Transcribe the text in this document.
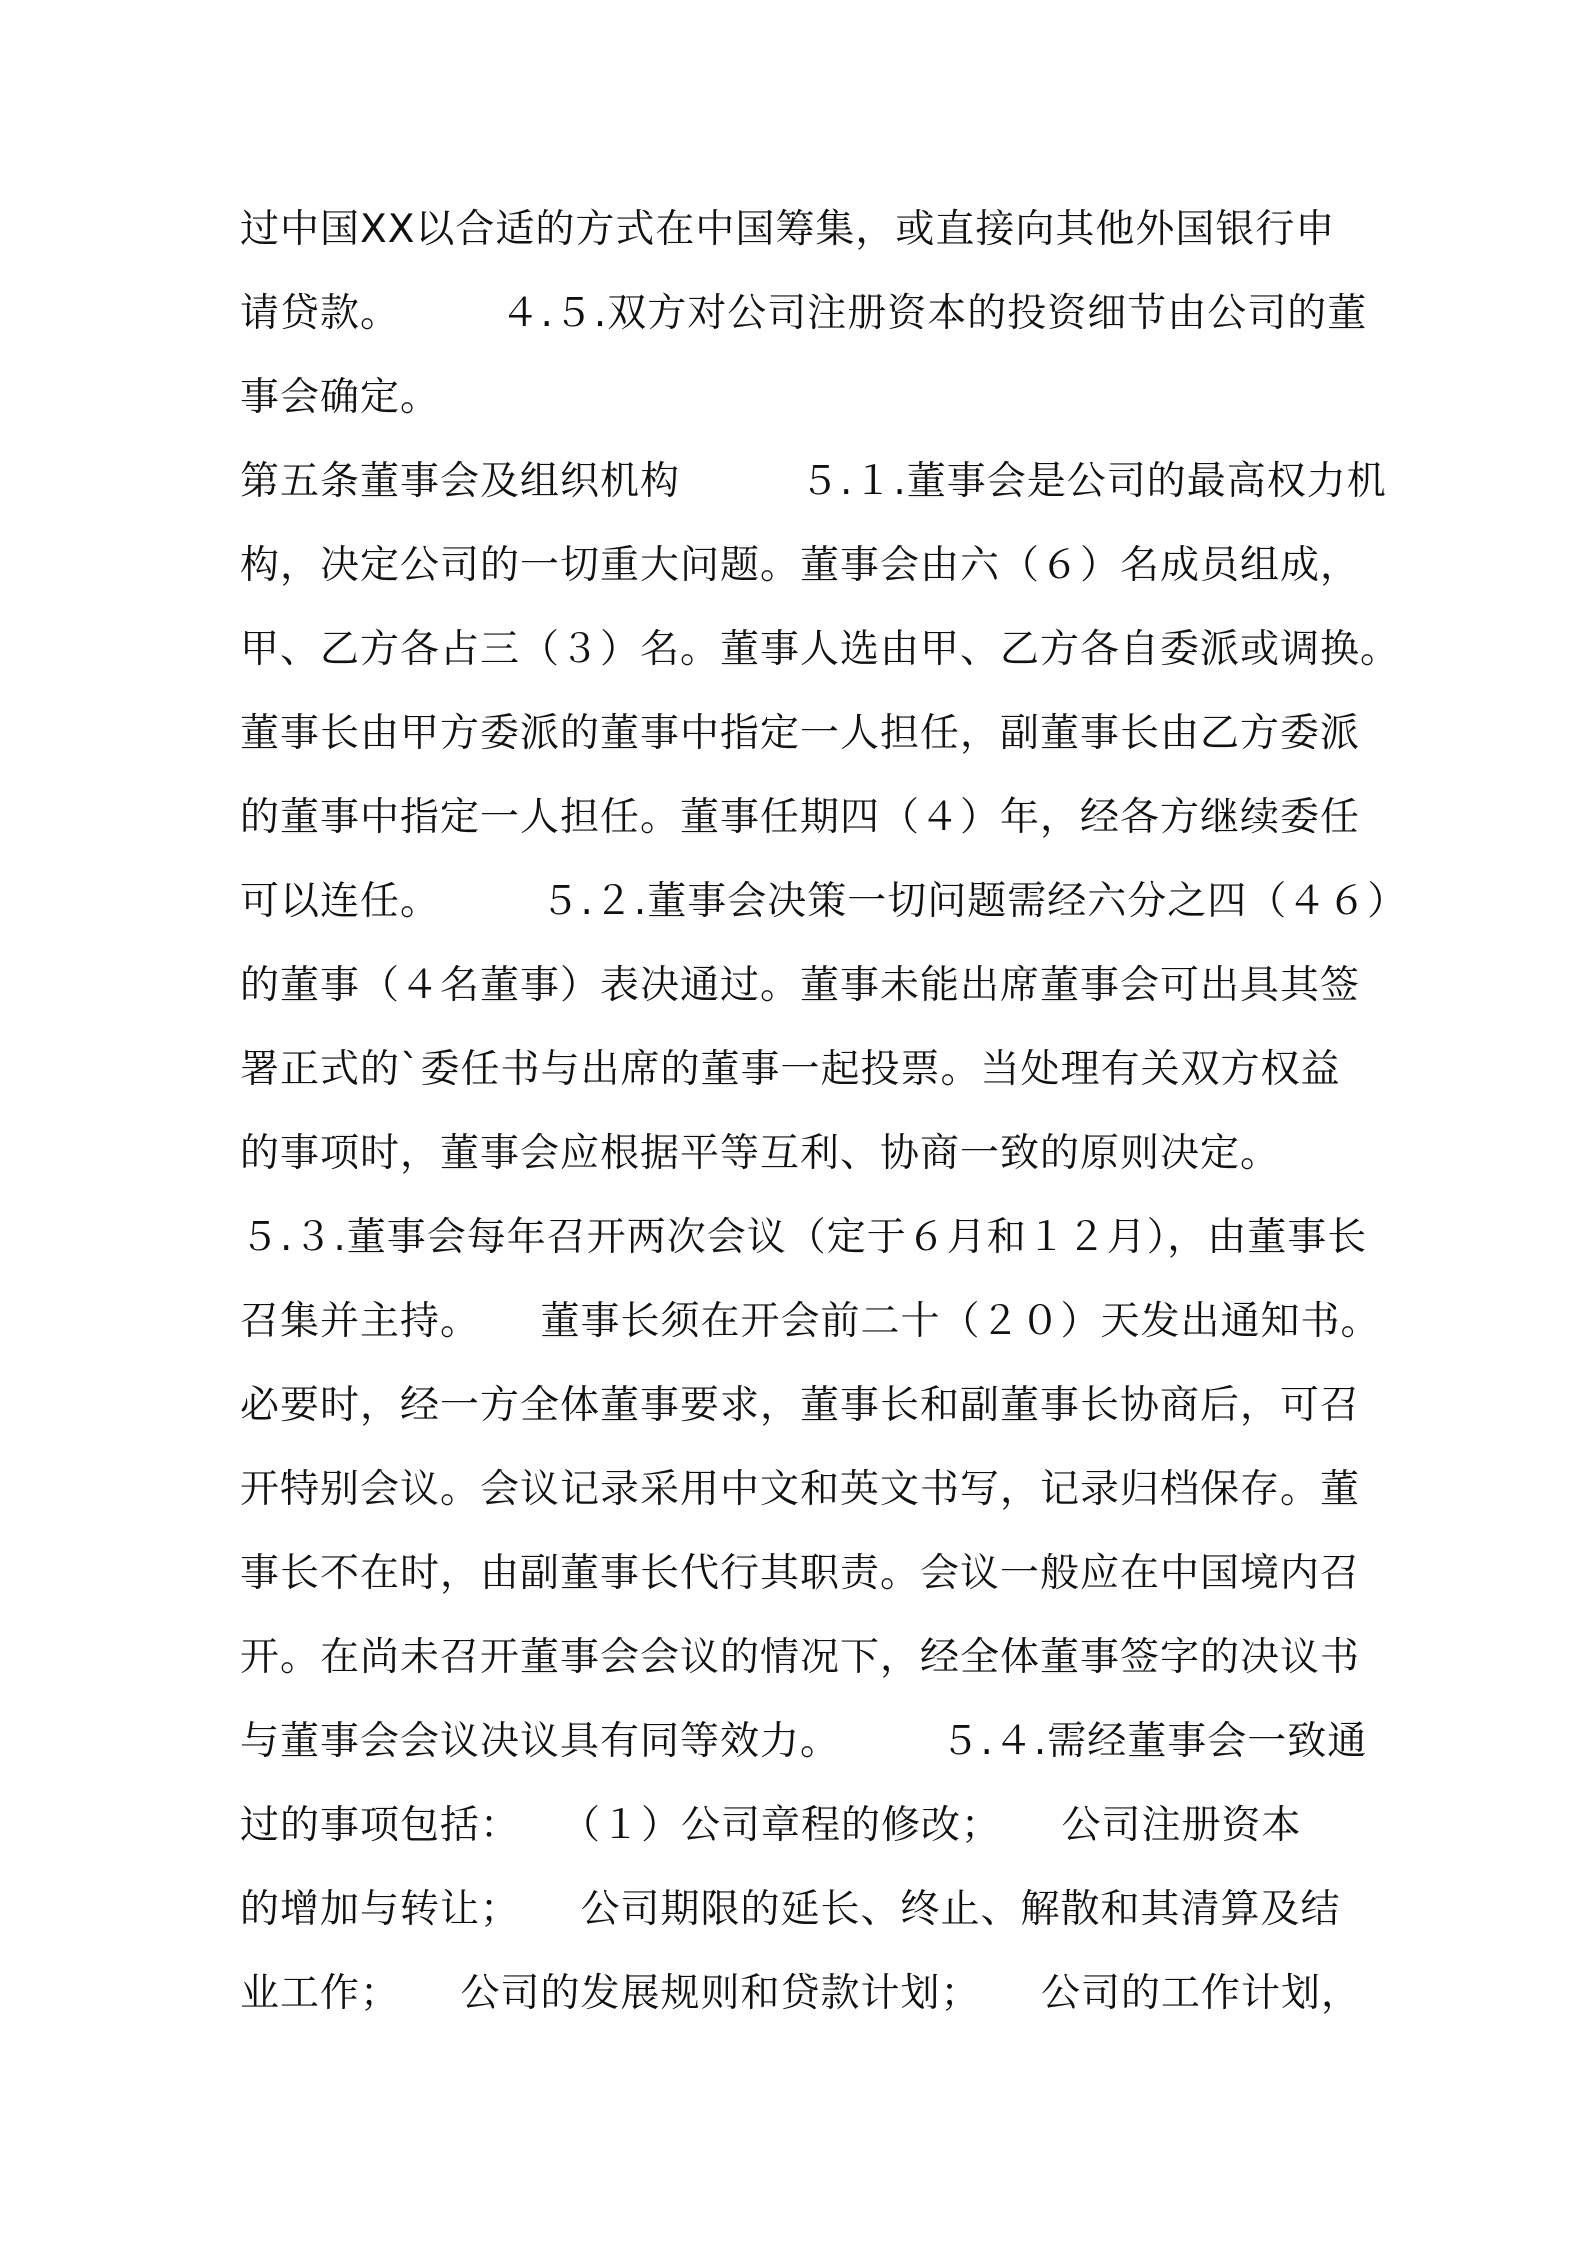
过中国XX以合适的方式在中国筹集，或直接向其他外国银行申
请贷款。　　　４.５.双方对公司注册资本的投资细节由公司的董
事会确定。
第五条董事会及组织机构　　　５.１.董事会是公司的最高权力机
构，决定公司的一切重大问题。董事会由六（６）名成员组成，
甲、乙方各占三（３）名。董事人选由甲、乙方各自委派或调换。
董事长由甲方委派的董事中指定一人担任，副董事长由乙方委派
的董事中指定一人担任。董事任期四（４）年，经各方继续委任
可以连任。　　　５.２.董事会决策一切问题需经六分之四（４６）
的董事（４名董事）表决通过。董事未能出席董事会可出具其签
署正式的`委任书与出席的董事一起投票。当处理有关双方权益
的事项时，董事会应根据平等互利、协商一致的原则决定。
５.３.董事会每年召开两次会议（定于６月和１２月），由董事长
召集并主持。　　董事长须在开会前二十（２０）天发出通知书。
必要时，经一方全体董事要求，董事长和副董事长协商后，可召
开特别会议。会议记录采用中文和英文书写，记录归档保存。董
事长不在时，由副董事长代行其职责。会议一般应在中国境内召
开。在尚未召开董事会会议的情况下，经全体董事签字的决议书
与董事会会议决议具有同等效力。　　　５.４.需经董事会一致通
过的事项包括：　　（１）公司章程的修改；　　公司注册资本
的增加与转让；　　公司期限的延长、终止、解散和其清算及结
业工作；　　公司的发展规则和贷款计划；　　公司的工作计划，
